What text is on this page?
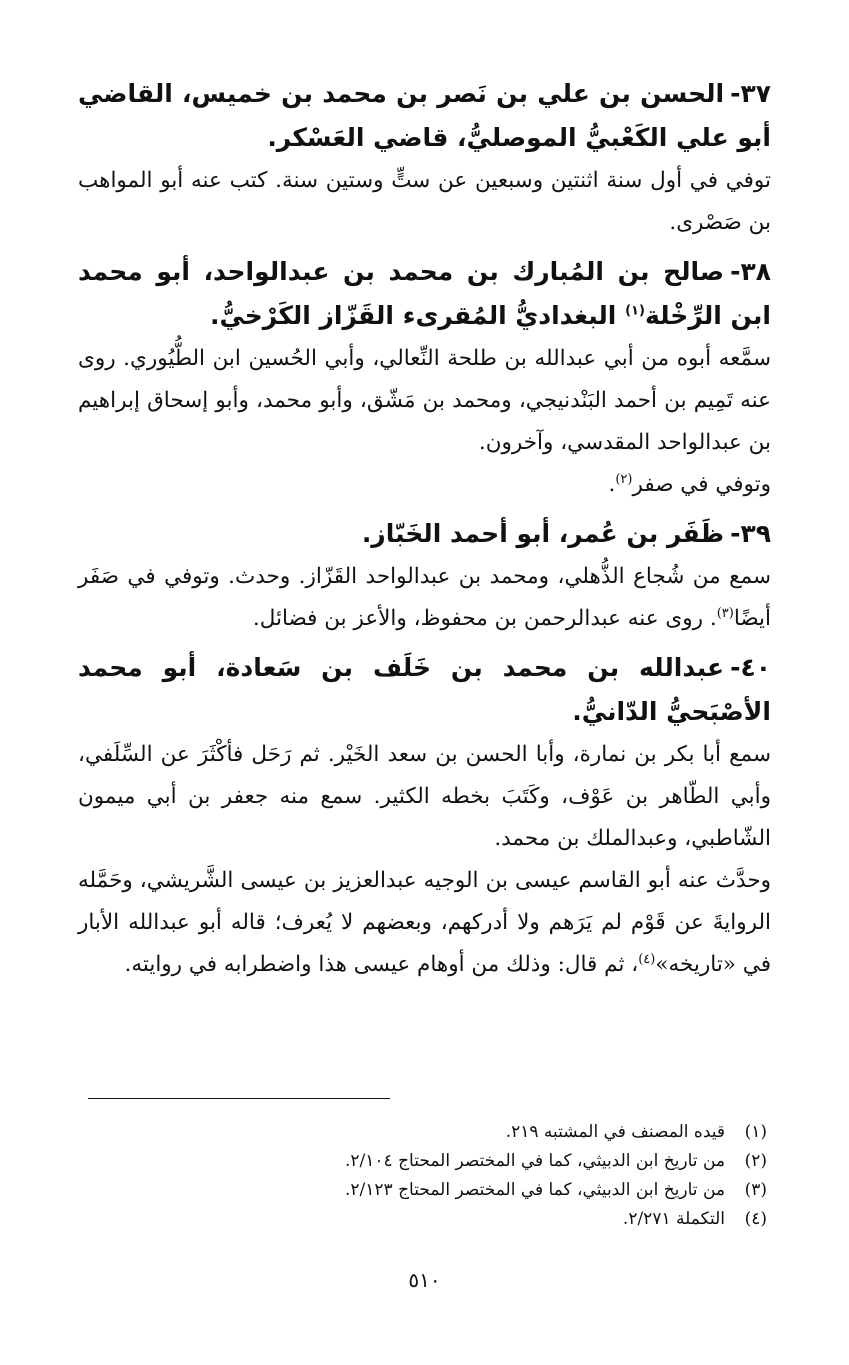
٣٧-الحسن بن علي بن نَصر بن محمد بن خميس، القاضي أبو علي الكَعْبيُّ الموصليُّ، قاضي العَسْكر.

توفي في أول سنة اثنتين وسبعين عن ستٍّ وستين سنة. كتب عنه أبو المواهب بن صَصْرى.

٣٨-صالح بن المُبارك بن محمد بن عبدالواحد، أبو محمد ابن الرِّخْلة$^{(١)}$ البغداديُّ المُقرىء القَزّاز الكَرْخيُّ.

سمَّعه أبوه من أبي عبدالله بن طلحة النِّعالي، وأبي الحُسين ابن الطُّيُوري. روى عنه تَمِيم بن أحمد البَنْدنيجي، ومحمد بن مَشّق، وأبو محمد، وأبو إسحاق إبراهيم بن عبدالواحد المقدسي، وآخرون.

وتوفي في صفر$^{(٢)}$.

٣٩-ظَفَر بن عُمر، أبو أحمد الخَبّاز.

سمع من شُجاع الذُّهلي، ومحمد بن عبدالواحد القَزّاز. وحدث. وتوفي في صَفَر أيضًا$^{(٣)}$. روى عنه عبدالرحمن بن محفوظ، والأعز بن فضائل.

٤٠-عبدالله بن محمد بن خَلَف بن سَعادة، أبو محمد الأصْبَحيُّ الدّانيُّ.

سمع أبا بكر بن نمارة، وأبا الحسن بن سعد الخَيْر. ثم رَحَل فأكْثَرَ عن السِّلَفي، وأبي الطّاهر بن عَوْف، وكَتَبَ بخطه الكثير. سمع منه جعفر بن أبي ميمون الشّاطبي، وعبدالملك بن محمد.

وحدَّث عنه أبو القاسم عيسى بن الوجيه عبدالعزيز بن عيسى الشَّريشي، وحَمَّله الروايةَ عن قَوْم لم يَرَهم ولا أدركهم، وبعضهم لا يُعرف؛ قاله أبو عبدالله الأبار في «تاريخه»$^{(٤)}$، ثم قال: وذلك من أوهام عيسى هذا واضطرابه في روايته.

(١)
قيده المصنف في المشتبه ٢١٩.
(٢)
من تاريخ ابن الدبيثي، كما في المختصر المحتاج ٢/١٠٤.
(٣)
من تاريخ ابن الدبيثي، كما في المختصر المحتاج ٢/١٢٣.
(٤)
التكملة ٢/٢٧١.
٥١٠
